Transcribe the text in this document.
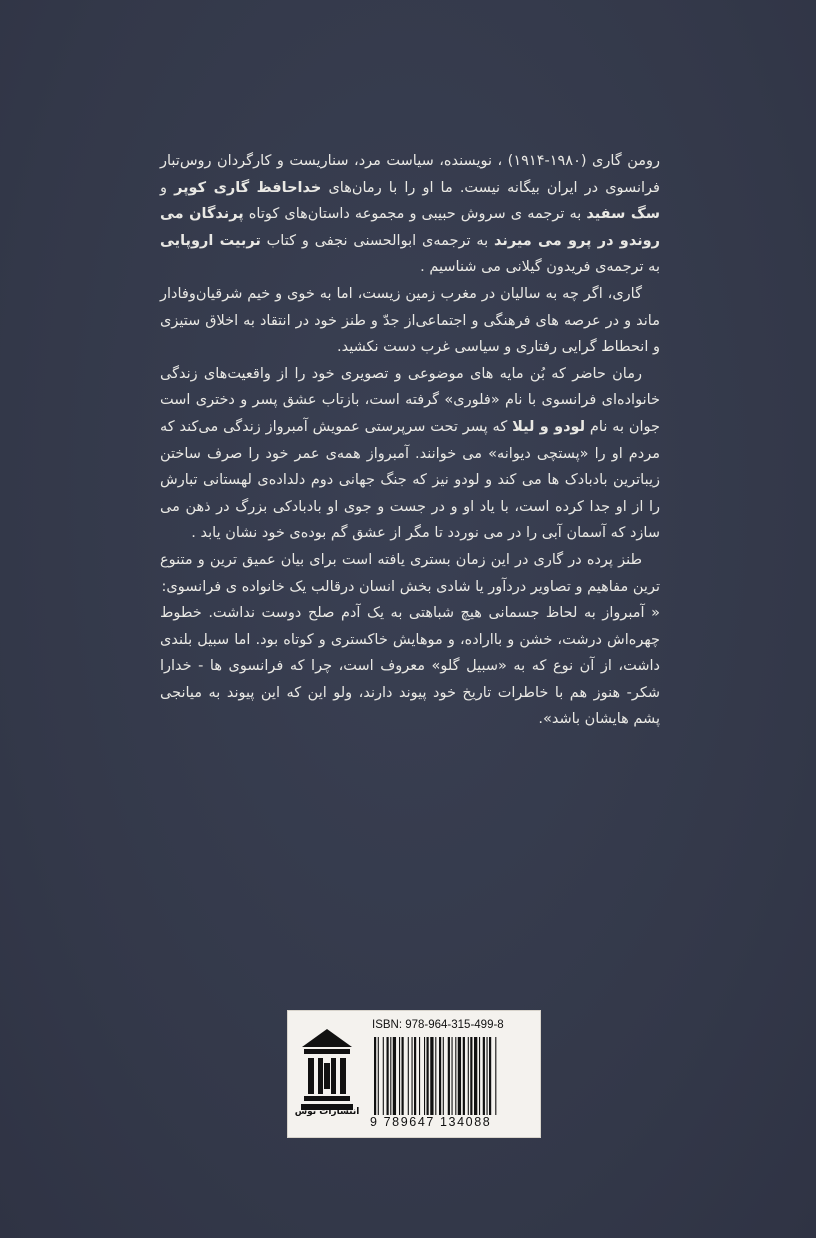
رومن گاری (۱۹۸۰-۱۹۱۴) ، نویسنده، سیاست مرد، سناریست و کارگردان روس‌تبار فرانسوی در ایران بیگانه نیست. ما او را با رمان‌های خداحافظ گاری کوپر و سگ سفید به ترجمه ی سروش حبیبی و مجموعه داستان‌های کوتاه پرندگان می روندو در پرو می میرند به ترجمه‌ی ابوالحسنی نجفی و کتاب تربیت اروپایی به ترجمه‌ی فریدون گیلانی می شناسیم .

گاری، اگر چه به سالیان در مغرب زمین زیست، اما به خوی و خیم شرقیان‌وفادار ماند و در عرصه های فرهنگی و اجتماعی‌از جدّ و طنز خود در انتقاد به اخلاق ستیزی و انحطاط گرایی رفتاری و سیاسی غرب دست نکشید.

رمان حاضر که بُن مایه های موضوعی و تصویری خود را از واقعیت‌های زندگی خانواده‌ای فرانسوی با نام «فلوری» گرفته است، بازتاب عشق پسر و دختری است جوان به نام لودو و لیلا که پسر تحت سرپرستی عمویش آمبرواز زندگی می‌کند که مردم او را «پستچی دیوانه» می خوانند. آمبرواز همه‌ی عمر خود را صرف ساختن زیباترین بادبادک ها می کند و لودو نیز که جنگ جهانی دوم دلداده‌ی لهستانی تبارش را از او جدا کرده است، با یاد او و در جست و جوی او بادبادکی بزرگ در ذهن می سازد که آسمان آبی را در می نوردد تا مگر از عشق گم بوده‌ی خود نشان یابد .

طنز پرده در گاری در این زمان بستری یافته است برای بیان عمیق ترین و متنوع ترین مفاهیم و تصاویر دردآور یا شادی بخش انسان درقالب یک خانواده ی فرانسوی:

« آمبرواز به لحاظ جسمانی هیچ شباهتی به یک آدم صلح دوست نداشت. خطوط چهره‌اش درشت، خشن و بااراده، و موهایش خاکستری و کوتاه بود. اما سبیل بلندی داشت، از آن نوع که به «سبیل گلو» معروف است، چرا که فرانسوی ها - خدارا شکر- هنوز هم با خاطرات تاریخ خود پیوند دارند، ولو این که این پیوند به میانجی پشم هایشان باشد».

انتشارات توس
ISBN: 978-964-315-499-8
9 789647 134088
